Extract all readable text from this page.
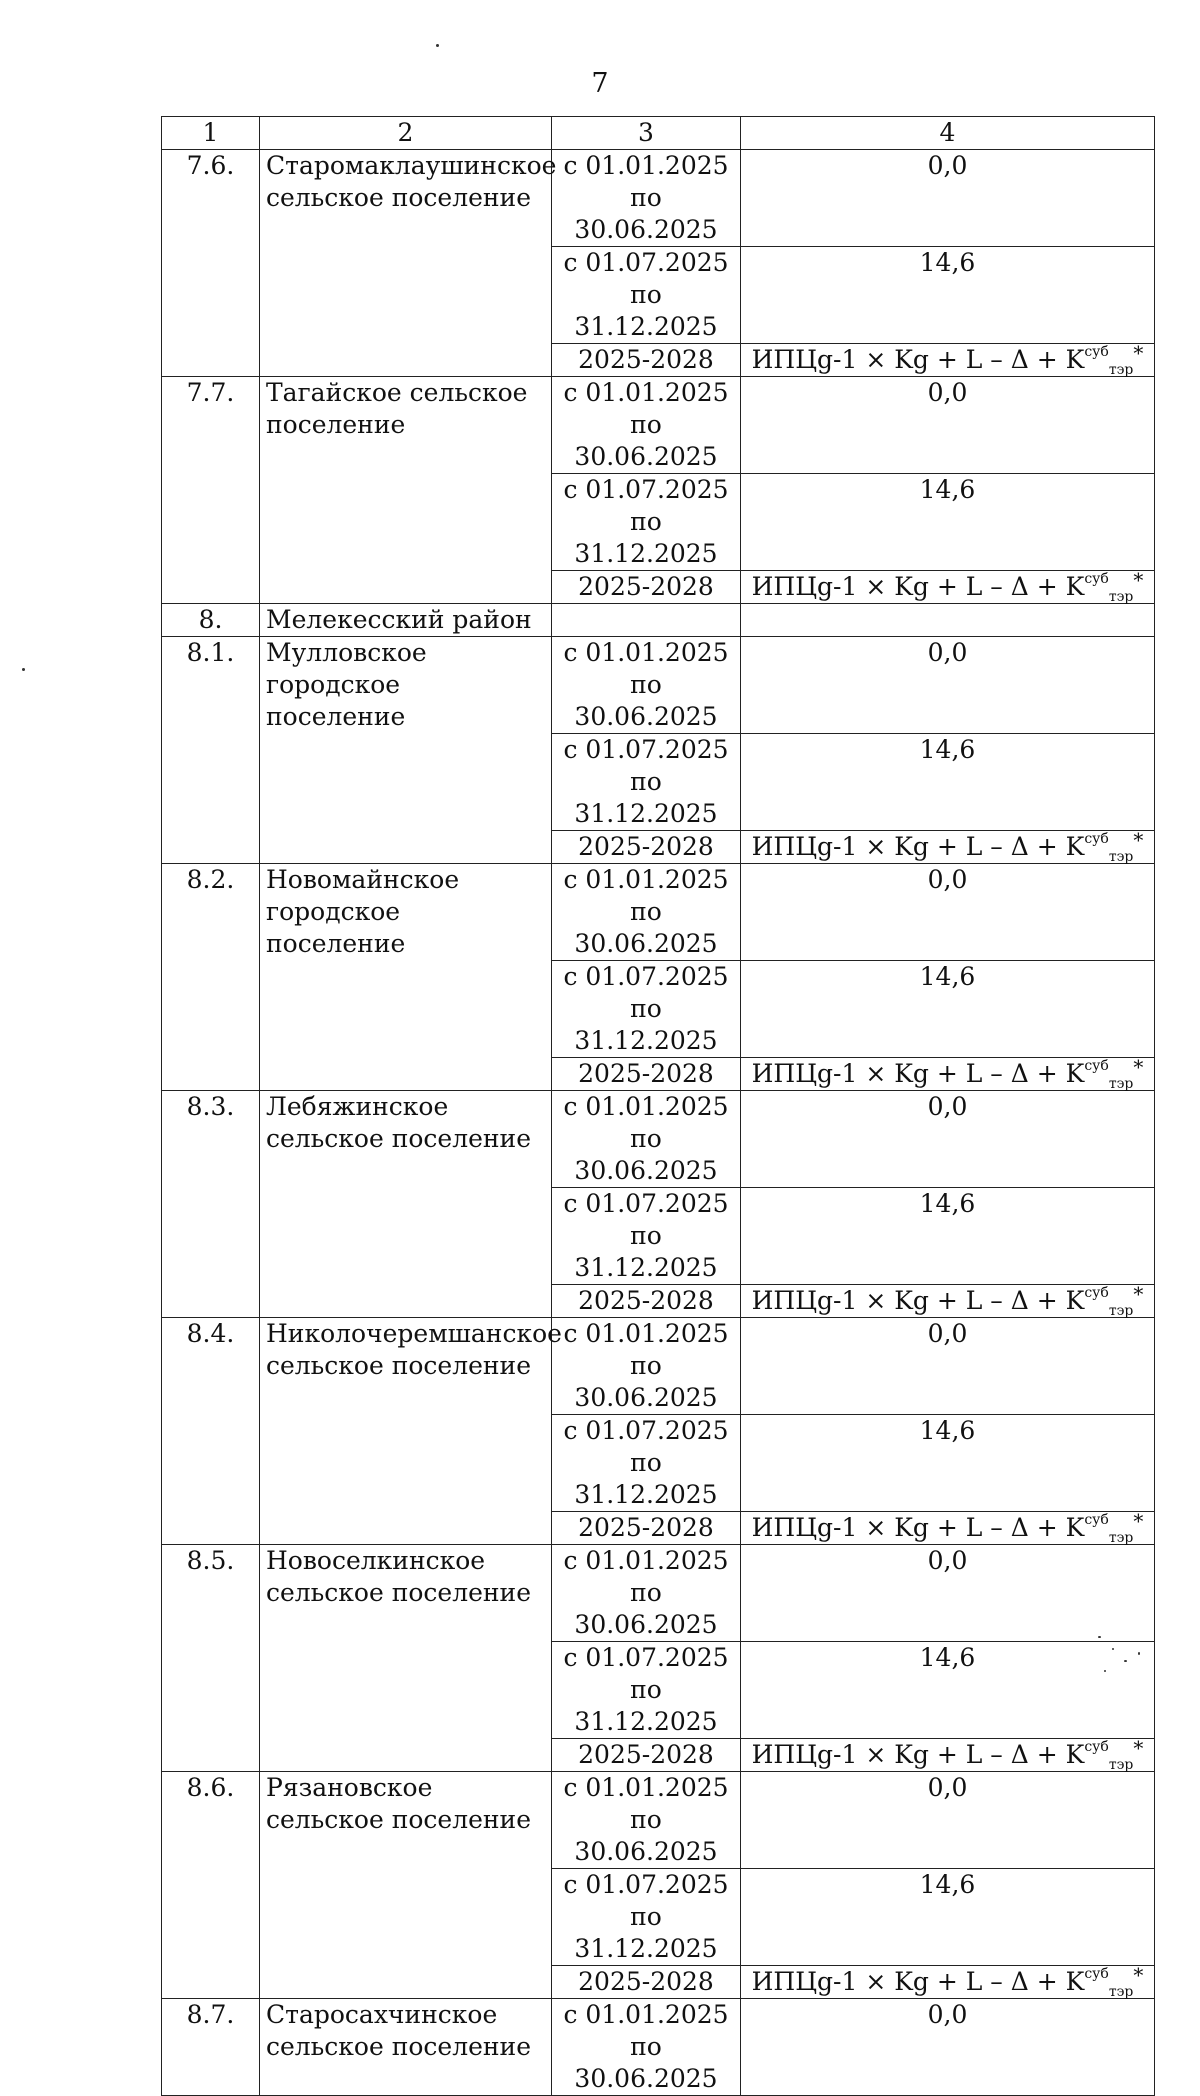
7
1	2	3	4
7.6.	Старомаклаушинское сельское поселение	с 01.01.2025 по 30.06.2025	0,0
		с 01.07.2025 по 31.12.2025	14,6
		2025-2028	ИПЦg-1 × $Kg + L - \Delta + K^{суб}_{тэр}^*$
7.7.	Тагайское сельское поселение	с 01.01.2025 по 30.06.2025	0,0
		с 01.07.2025 по 31.12.2025	14,6
		2025-2028	ИПЦg-1 × $Kg + L - \Delta + K^{суб}_{тэр}^*$
8.	Мелекесский район		
8.1.	Мулловское городское поселение	с 01.01.2025 по 30.06.2025	0,0
		с 01.07.2025 по 31.12.2025	14,6
		2025-2028	ИПЦg-1 × $Kg + L - \Delta + K^{суб}_{тэр}^*$
8.2.	Новомайнское городское поселение	с 01.01.2025 по 30.06.2025	0,0
		с 01.07.2025 по 31.12.2025	14,6
		2025-2028	ИПЦg-1 × $Kg + L - \Delta + K^{суб}_{тэр}^*$
8.3.	Лебяжинское сельское поселение	с 01.01.2025 по 30.06.2025	0,0
		с 01.07.2025 по 31.12.2025	14,6
		2025-2028	ИПЦg-1 × $Kg + L - \Delta + K^{суб}_{тэр}^*$
8.4.	Николочеремшанское сельское поселение	с 01.01.2025 по 30.06.2025	0,0
		с 01.07.2025 по 31.12.2025	14,6
		2025-2028	ИПЦg-1 × $Kg + L - \Delta + K^{суб}_{тэр}^*$
8.5.	Новоселкинское сельское поселение	с 01.01.2025 по 30.06.2025	0,0
		с 01.07.2025 по 31.12.2025	14,6
		2025-2028	ИПЦg-1 × $Kg + L - \Delta + K^{суб}_{тэр}^*$
8.6.	Рязановское сельское поселение	с 01.01.2025 по 30.06.2025	0,0
		с 01.07.2025 по 31.12.2025	14,6
		2025-2028	ИПЦg-1 × $Kg + L - \Delta + K^{суб}_{тэр}^*$
8.7.	Старосахчинское сельское поселение	с 01.01.2025 по 30.06.2025	0,0
